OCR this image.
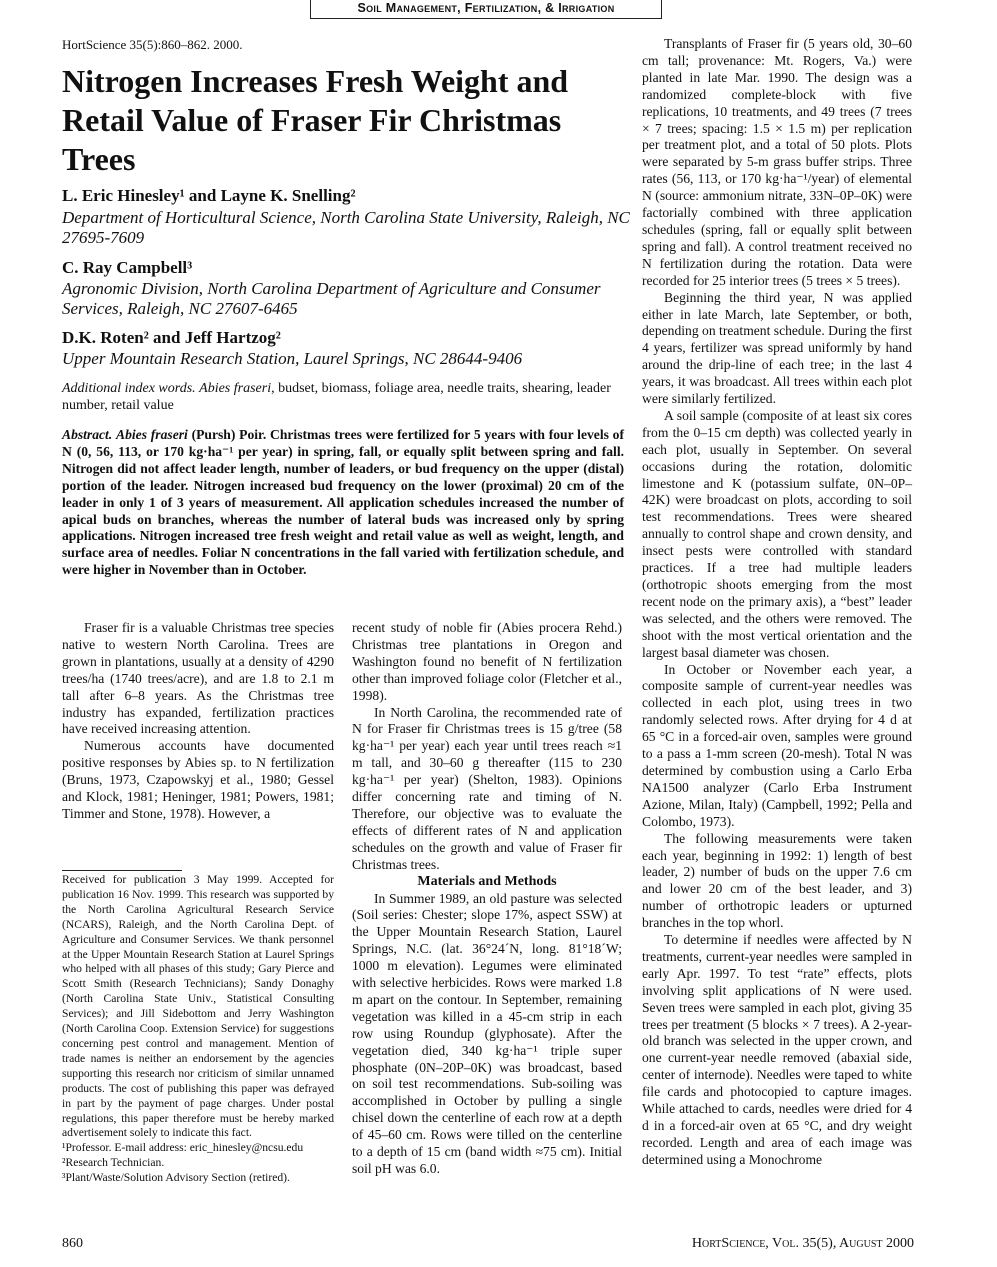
Soil Management, Fertilization, & Irrigation
HortScience 35(5):860–862. 2000.
Nitrogen Increases Fresh Weight and Retail Value of Fraser Fir Christmas Trees
L. Eric Hinesley¹ and Layne K. Snelling²
Department of Horticultural Science, North Carolina State University, Raleigh, NC 27695-7609
C. Ray Campbell³
Agronomic Division, North Carolina Department of Agriculture and Consumer Services, Raleigh, NC 27607-6465
D.K. Roten² and Jeff Hartzog²
Upper Mountain Research Station, Laurel Springs, NC 28644-9406
Additional index words. Abies fraseri, budset, biomass, foliage area, needle traits, shearing, leader number, retail value
Abstract. Abies fraseri (Pursh) Poir. Christmas trees were fertilized for 5 years with four levels of N (0, 56, 113, or 170 kg·ha⁻¹ per year) in spring, fall, or equally split between spring and fall. Nitrogen did not affect leader length, number of leaders, or bud frequency on the upper (distal) portion of the leader. Nitrogen increased bud frequency on the lower (proximal) 20 cm of the leader in only 1 of 3 years of measurement. All application schedules increased the number of apical buds on branches, whereas the number of lateral buds was increased only by spring applications. Nitrogen increased tree fresh weight and retail value as well as weight, length, and surface area of needles. Foliar N concentrations in the fall varied with fertilization schedule, and were higher in November than in October.

Fraser fir is a valuable Christmas tree species native to western North Carolina. Trees are grown in plantations, usually at a density of 4290 trees/ha (1740 trees/acre), and are 1.8 to 2.1 m tall after 6–8 years. As the Christmas tree industry has expanded, fertilization practices have received increasing attention.

Numerous accounts have documented positive responses by Abies sp. to N fertilization (Bruns, 1973, Czapowskyj et al., 1980; Gessel and Klock, 1981; Heninger, 1981; Powers, 1981; Timmer and Stone, 1978). However, a

Received for publication 3 May 1999. Accepted for publication 16 Nov. 1999. This research was supported by the North Carolina Agricultural Research Service (NCARS), Raleigh, and the North Carolina Dept. of Agriculture and Consumer Services. We thank personnel at the Upper Mountain Research Station at Laurel Springs who helped with all phases of this study; Gary Pierce and Scott Smith (Research Technicians); Sandy Donaghy (North Carolina State Univ., Statistical Consulting Services); and Jill Sidebottom and Jerry Washington (North Carolina Coop. Extension Service) for suggestions concerning pest control and management. Mention of trade names is neither an endorsement by the agencies supporting this research nor criticism of similar unnamed products. The cost of publishing this paper was defrayed in part by the payment of page charges. Under postal regulations, this paper therefore must be hereby marked advertisement solely to indicate this fact.

¹Professor. E-mail address: eric_hinesley@ncsu.edu

²Research Technician.

³Plant/Waste/Solution Advisory Section (retired).

recent study of noble fir (Abies procera Rehd.) Christmas tree plantations in Oregon and Washington found no benefit of N fertilization other than improved foliage color (Fletcher et al., 1998).

In North Carolina, the recommended rate of N for Fraser fir Christmas trees is 15 g/tree (58 kg·ha⁻¹ per year) each year until trees reach ≈1 m tall, and 30–60 g thereafter (115 to 230 kg·ha⁻¹ per year) (Shelton, 1983). Opinions differ concerning rate and timing of N. Therefore, our objective was to evaluate the effects of different rates of N and application schedules on the growth and value of Fraser fir Christmas trees.

Materials and Methods

In Summer 1989, an old pasture was selected (Soil series: Chester; slope 17%, aspect SSW) at the Upper Mountain Research Station, Laurel Springs, N.C. (lat. 36°24´N, long. 81°18´W; 1000 m elevation). Legumes were eliminated with selective herbicides. Rows were marked 1.8 m apart on the contour. In September, remaining vegetation was killed in a 45-cm strip in each row using Roundup (glyphosate). After the vegetation died, 340 kg·ha⁻¹ triple super phosphate (0N–20P–0K) was broadcast, based on soil test recommendations. Sub-soiling was accomplished in October by pulling a single chisel down the centerline of each row at a depth of 45–60 cm. Rows were tilled on the centerline to a depth of 15 cm (band width ≈75 cm). Initial soil pH was 6.0.

Transplants of Fraser fir (5 years old, 30–60 cm tall; provenance: Mt. Rogers, Va.) were planted in late Mar. 1990. The design was a randomized complete-block with five replications, 10 treatments, and 49 trees (7 trees × 7 trees; spacing: 1.5 × 1.5 m) per replication per treatment plot, and a total of 50 plots. Plots were separated by 5-m grass buffer strips. Three rates (56, 113, or 170 kg·ha⁻¹/year) of elemental N (source: ammonium nitrate, 33N–0P–0K) were factorially combined with three application schedules (spring, fall or equally split between spring and fall). A control treatment received no N fertilization during the rotation. Data were recorded for 25 interior trees (5 trees × 5 trees).

Beginning the third year, N was applied either in late March, late September, or both, depending on treatment schedule. During the first 4 years, fertilizer was spread uniformly by hand around the drip-line of each tree; in the last 4 years, it was broadcast. All trees within each plot were similarly fertilized.

A soil sample (composite of at least six cores from the 0–15 cm depth) was collected yearly in each plot, usually in September. On several occasions during the rotation, dolomitic limestone and K (potassium sulfate, 0N–0P–42K) were broadcast on plots, according to soil test recommendations. Trees were sheared annually to control shape and crown density, and insect pests were controlled with standard practices. If a tree had multiple leaders (orthotropic shoots emerging from the most recent node on the primary axis), a “best” leader was selected, and the others were removed. The shoot with the most vertical orientation and the largest basal diameter was chosen.

In October or November each year, a composite sample of current-year needles was collected in each plot, using trees in two randomly selected rows. After drying for 4 d at 65 °C in a forced-air oven, samples were ground to a pass a 1-mm screen (20-mesh). Total N was determined by combustion using a Carlo Erba NA1500 analyzer (Carlo Erba Instrument Azione, Milan, Italy) (Campbell, 1992; Pella and Colombo, 1973).

The following measurements were taken each year, beginning in 1992: 1) length of best leader, 2) number of buds on the upper 7.6 cm and lower 20 cm of the best leader, and 3) number of orthotropic leaders or upturned branches in the top whorl.

To determine if needles were affected by N treatments, current-year needles were sampled in early Apr. 1997. To test “rate” effects, plots involving split applications of N were used. Seven trees were sampled in each plot, giving 35 trees per treatment (5 blocks × 7 trees). A 2-year-old branch was selected in the upper crown, and one current-year needle removed (abaxial side, center of internode). Needles were taped to white file cards and photocopied to capture images. While attached to cards, needles were dried for 4 d in a forced-air oven at 65 °C, and dry weight recorded. Length and area of each image was determined using a Monochrome

860	HortScience, Vol. 35(5), August 2000
